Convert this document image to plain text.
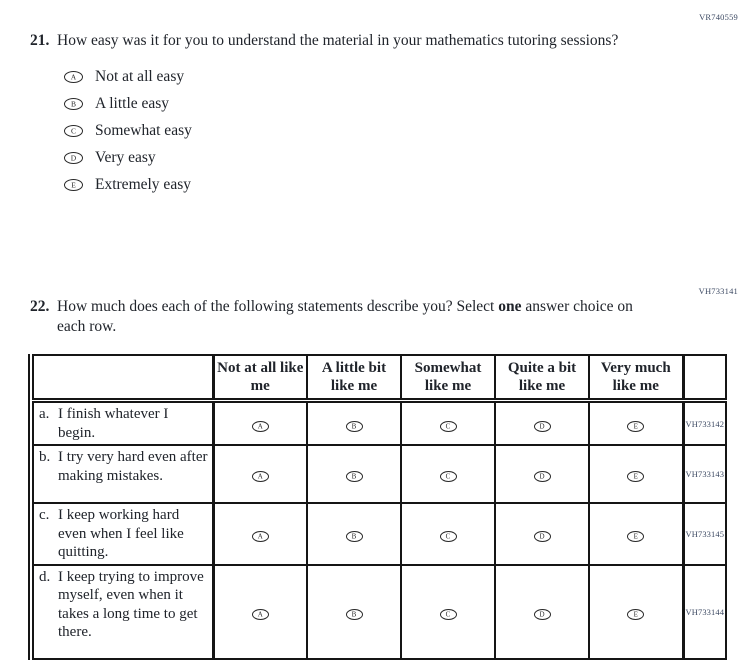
VR740559
21. How easy was it for you to understand the material in your mathematics tutoring sessions?

A Not at all easy
B A little easy
C Somewhat easy
D Very easy
E Extremely easy
VH733141
22. How much does each of the following statements describe you? Select one answer choice on each row.

	Not at all like me	A little bit like me	Somewhat like me	Quite a bit like me	Very much like me	

a. I finish whatever I begin.	A	B	C	D	E	VH733142

b. I try very hard even after making mistakes.	A	B	C	D	E	VH733143

c. I keep working hard even when I feel like quitting.	A	B	C	D	E	VH733145

d. I keep trying to improve myself, even when it takes a long time to get there.	A	B	C	D	E	VH733144
